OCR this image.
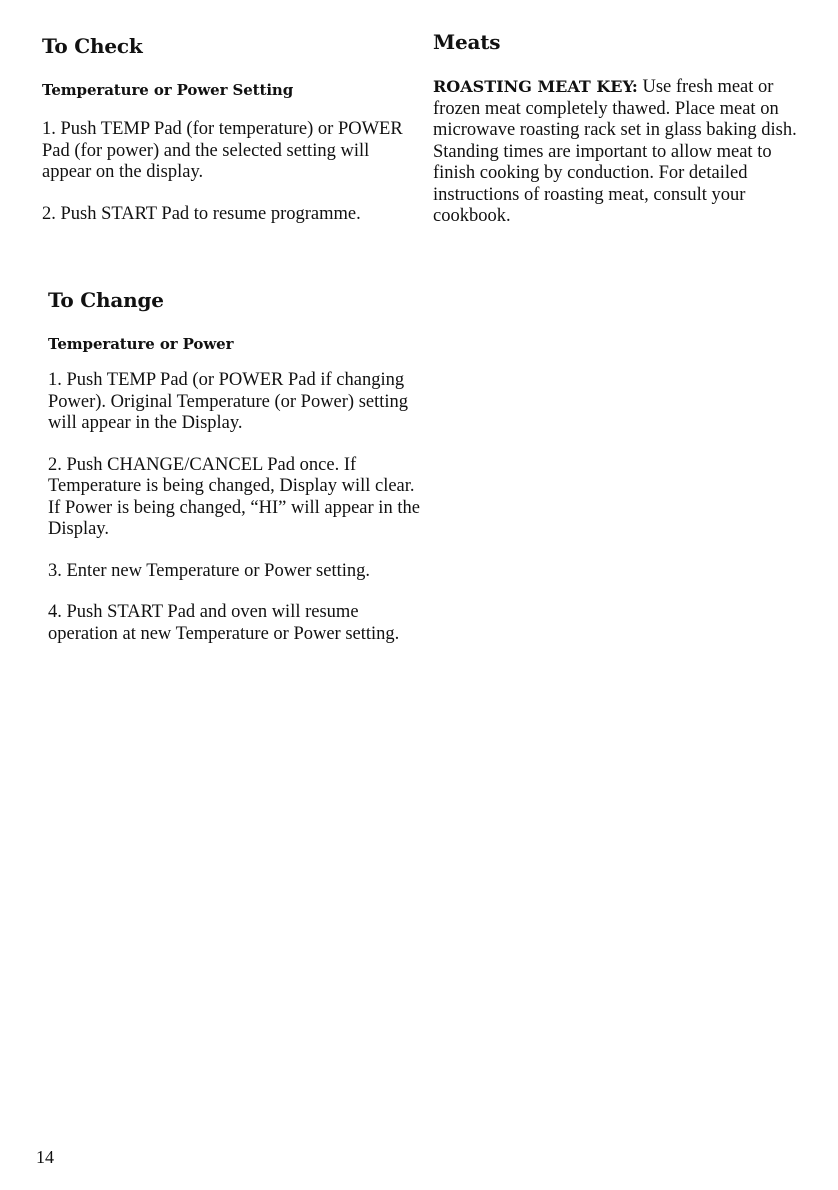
To Check
Temperature or Power Setting

1. Push TEMP Pad (for temperature) or POWER Pad (for power) and the selected setting will appear on the display.

2. Push START Pad to resume programme.

To Change
Temperature or Power

1. Push TEMP Pad (or POWER Pad if changing Power). Original Temperature (or Power) setting will appear in the Display.

2. Push CHANGE/CANCEL Pad once. If Temperature is being changed, Display will clear. If Power is being changed, “HI” will appear in the Display.

3. Enter new Temperature or Power setting.

4. Push START Pad and oven will resume operation at new Temperature or Power setting.

Meats

ROASTING MEAT KEY: Use fresh meat or frozen meat completely thawed. Place meat on microwave roasting rack set in glass baking dish. Standing times are important to allow meat to finish cooking by conduction. For detailed instructions of roasting meat, consult your cookbook.

14
